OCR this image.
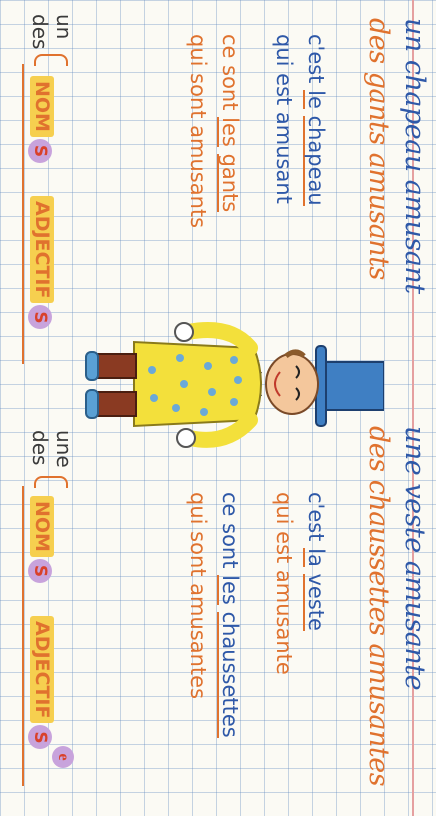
un chapeau amusant
des gants amusants
c'est le chapeau
qui est amusant
ce sont les gants
qui sont amusants
un
des
NOMS
ADJECTIFS
une veste amusante
des chaussettes amusantes
c'est la veste
qui est amusante
ce sont les chaussettes
qui sont amusantes
une
des
NOMS
ADJECTIFS
e
